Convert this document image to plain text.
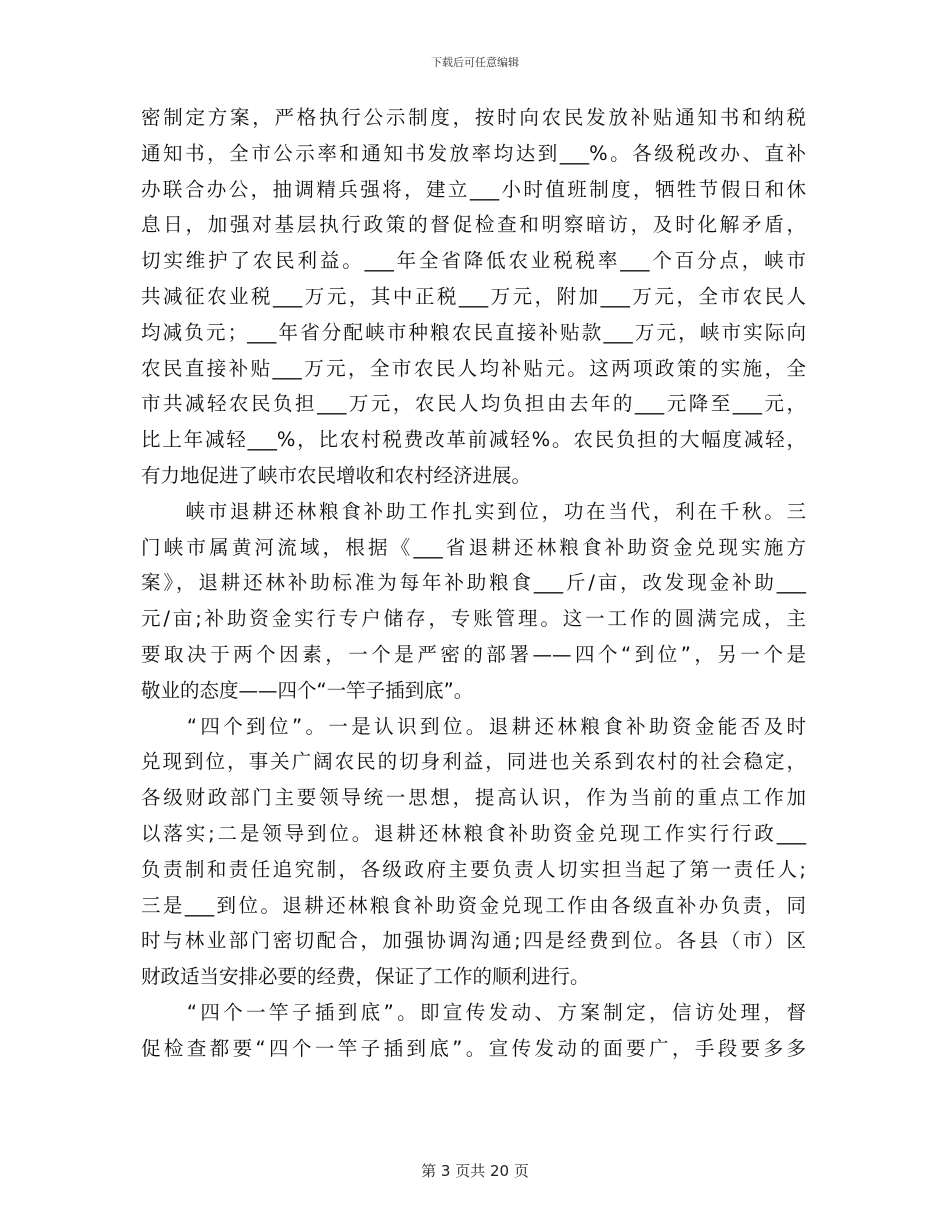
下载后可任意编辑
密制定方案，严格执行公示制度，按时向农民发放补贴通知书和纳税
通知书，全市公示率和通知书发放率均达到___%。各级税改办、直补
办联合办公，抽调精兵强将，建立___小时值班制度，牺牲节假日和休
息日，加强对基层执行政策的督促检查和明察暗访，及时化解矛盾，
切实维护了农民利益。___年全省降低农业税税率___个百分点，峡市
共减征农业税___万元，其中正税___万元，附加___万元，全市农民人
均减负元；___年省分配峡市种粮农民直接补贴款___万元，峡市实际向
农民直接补贴___万元，全市农民人均补贴元。这两项政策的实施，全
市共减轻农民负担___万元，农民人均负担由去年的___元降至___元，
比上年减轻___%，比农村税费改革前减轻%。农民负担的大幅度减轻，
有力地促进了峡市农民增收和农村经济进展。
　　峡市退耕还林粮食补助工作扎实到位，功在当代，利在千秋。三
门峡市属黄河流域，根据《___省退耕还林粮食补助资金兑现实施方
案》，退耕还林补助标准为每年补助粮食___斤/亩，改发现金补助___
元/亩;补助资金实行专户储存，专账管理。这一工作的圆满完成，主
要取决于两个因素，一个是严密的部署——四个“到位”，另一个是
敬业的态度——四个“一竿子插到底”。
　　“四个到位”。一是认识到位。退耕还林粮食补助资金能否及时
兑现到位，事关广阔农民的切身利益，同进也关系到农村的社会稳定，
各级财政部门主要领导统一思想，提高认识，作为当前的重点工作加
以落实;二是领导到位。退耕还林粮食补助资金兑现工作实行行政___
负责制和责任追究制，各级政府主要负责人切实担当起了第一责任人;
三是___到位。退耕还林粮食补助资金兑现工作由各级直补办负责，同
时与林业部门密切配合，加强协调沟通;四是经费到位。各县（市）区
财政适当安排必要的经费，保证了工作的顺利进行。
　　“四个一竿子插到底”。即宣传发动、方案制定，信访处理，督
促检查都要“四个一竿子插到底”。宣传发动的面要广，手段要多多
第 3 页共 20 页
